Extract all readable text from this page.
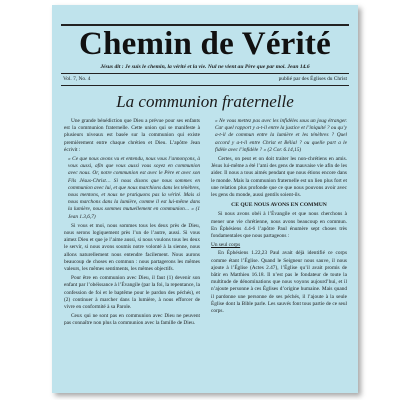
Chemin de Vérité
Jésus dit : Je suis le chemin, la vérité et la vie. Nul ne vient au Père que par moi. Jean 14.6
Vol. 7, No. 4	publié par des Églises du Christ
La communion fraternelle

Une grande bénédiction que Dieu a prévue pour ses enfants est la communion fraternelle. Cette union qui se manifeste à plusieurs niveaux est basée sur la communion qui existe premièrement entre chaque chrétien et Dieu. L’apôtre Jean écrivit :

« Ce que nous avons vu et entendu, nous vous l’annonçons, à vous aussi, afin que vous aussi vous soyez en communion avec nous. Or, notre communion est avec le Père et avec son Fils Jésus-Christ… Si nous disons que nous sommes en communion avec lui, et que nous marchions dans les ténèbres, nous mentons, et nous ne pratiquons pas la vérité. Mais si nous marchons dans la lumière, comme il est lui-même dans la lumière, nous sommes mutuellement en communion… » (1 Jean 1.3,6,7)

Si vous et moi, nous sommes tous les deux près de Dieu, nous serons logiquement près l’un de l’autre, aussi. Si vous aimez Dieu et que je l’aime aussi, si nous voulons tous les deux le servir, si nous avons soumis notre volonté à la sienne, nous allons naturellement nous entendre facilement. Nous aurons beaucoup de choses en commun : nous partagerons les mêmes valeurs, les mêmes sentiments, les mêmes objectifs.

Pour être en communion avec Dieu, il faut (1) devenir son enfant par l’obéissance à l’Évangile (par la foi, la repentance, la confession de foi et le baptême pour le pardon des péchés), et (2) continuer à marcher dans la lumière, à nous efforcer de vivre en conformité à sa Parole.

Ceux qui ne sont pas en communion avec Dieu ne peuvent pas connaître non plus la communion avec la famille de Dieu.

« Ne vous mettez pas avec les infidèles sous un joug étranger. Car quel rapport y a-t-il entre la justice et l’iniquité ? ou qu’y a-t-il de commun entre la lumière et les ténèbres ? Quel accord y a-t-il entre Christ et Bélial ? ou quelle part a le fidèle avec l’infidèle ? » (2 Cor. 6.14,15)

Certes, on peut et on doit traiter les non-chrétiens en amis. Jésus lui-même a été l’ami des gens de mauvaise vie afin de les aider. Il nous a tous aimés pendant que nous étions encore dans le monde. Mais la communion fraternelle est un lien plus fort et une relation plus profonde que ce que nous pouvons avoir avec les gens du monde, aussi gentils soient-ils.

CE QUE NOUS AVONS EN COMMUN

Si nous avons obéi à l’Évangile et que nous cherchons à mener une vie chrétienne, nous avons beaucoup en commun. En Éphésiens 4.4-6 l’apôtre Paul énumère sept choses très fondamentales que nous partageons :

Un seul corps

En Éphésiens 1.22,23 Paul avait déjà identifié ce corps comme étant l’Église. Quand le Seigneur nous sauve, il nous ajoute à l’Église (Actes 2.47), l’Église qu’il avait promis de bâtir en Matthieu 16.18. Il n’est pas le fondateur de toute la multitude de dénominations que nous voyons aujourd’hui, et il n’ajoute personne à ces Églises d’origine humaine. Mais quand il pardonne une personne de ses péchés, il l’ajoute à la seule Église dont la Bible parle. Les sauvés font tous partie de ce seul corps.
